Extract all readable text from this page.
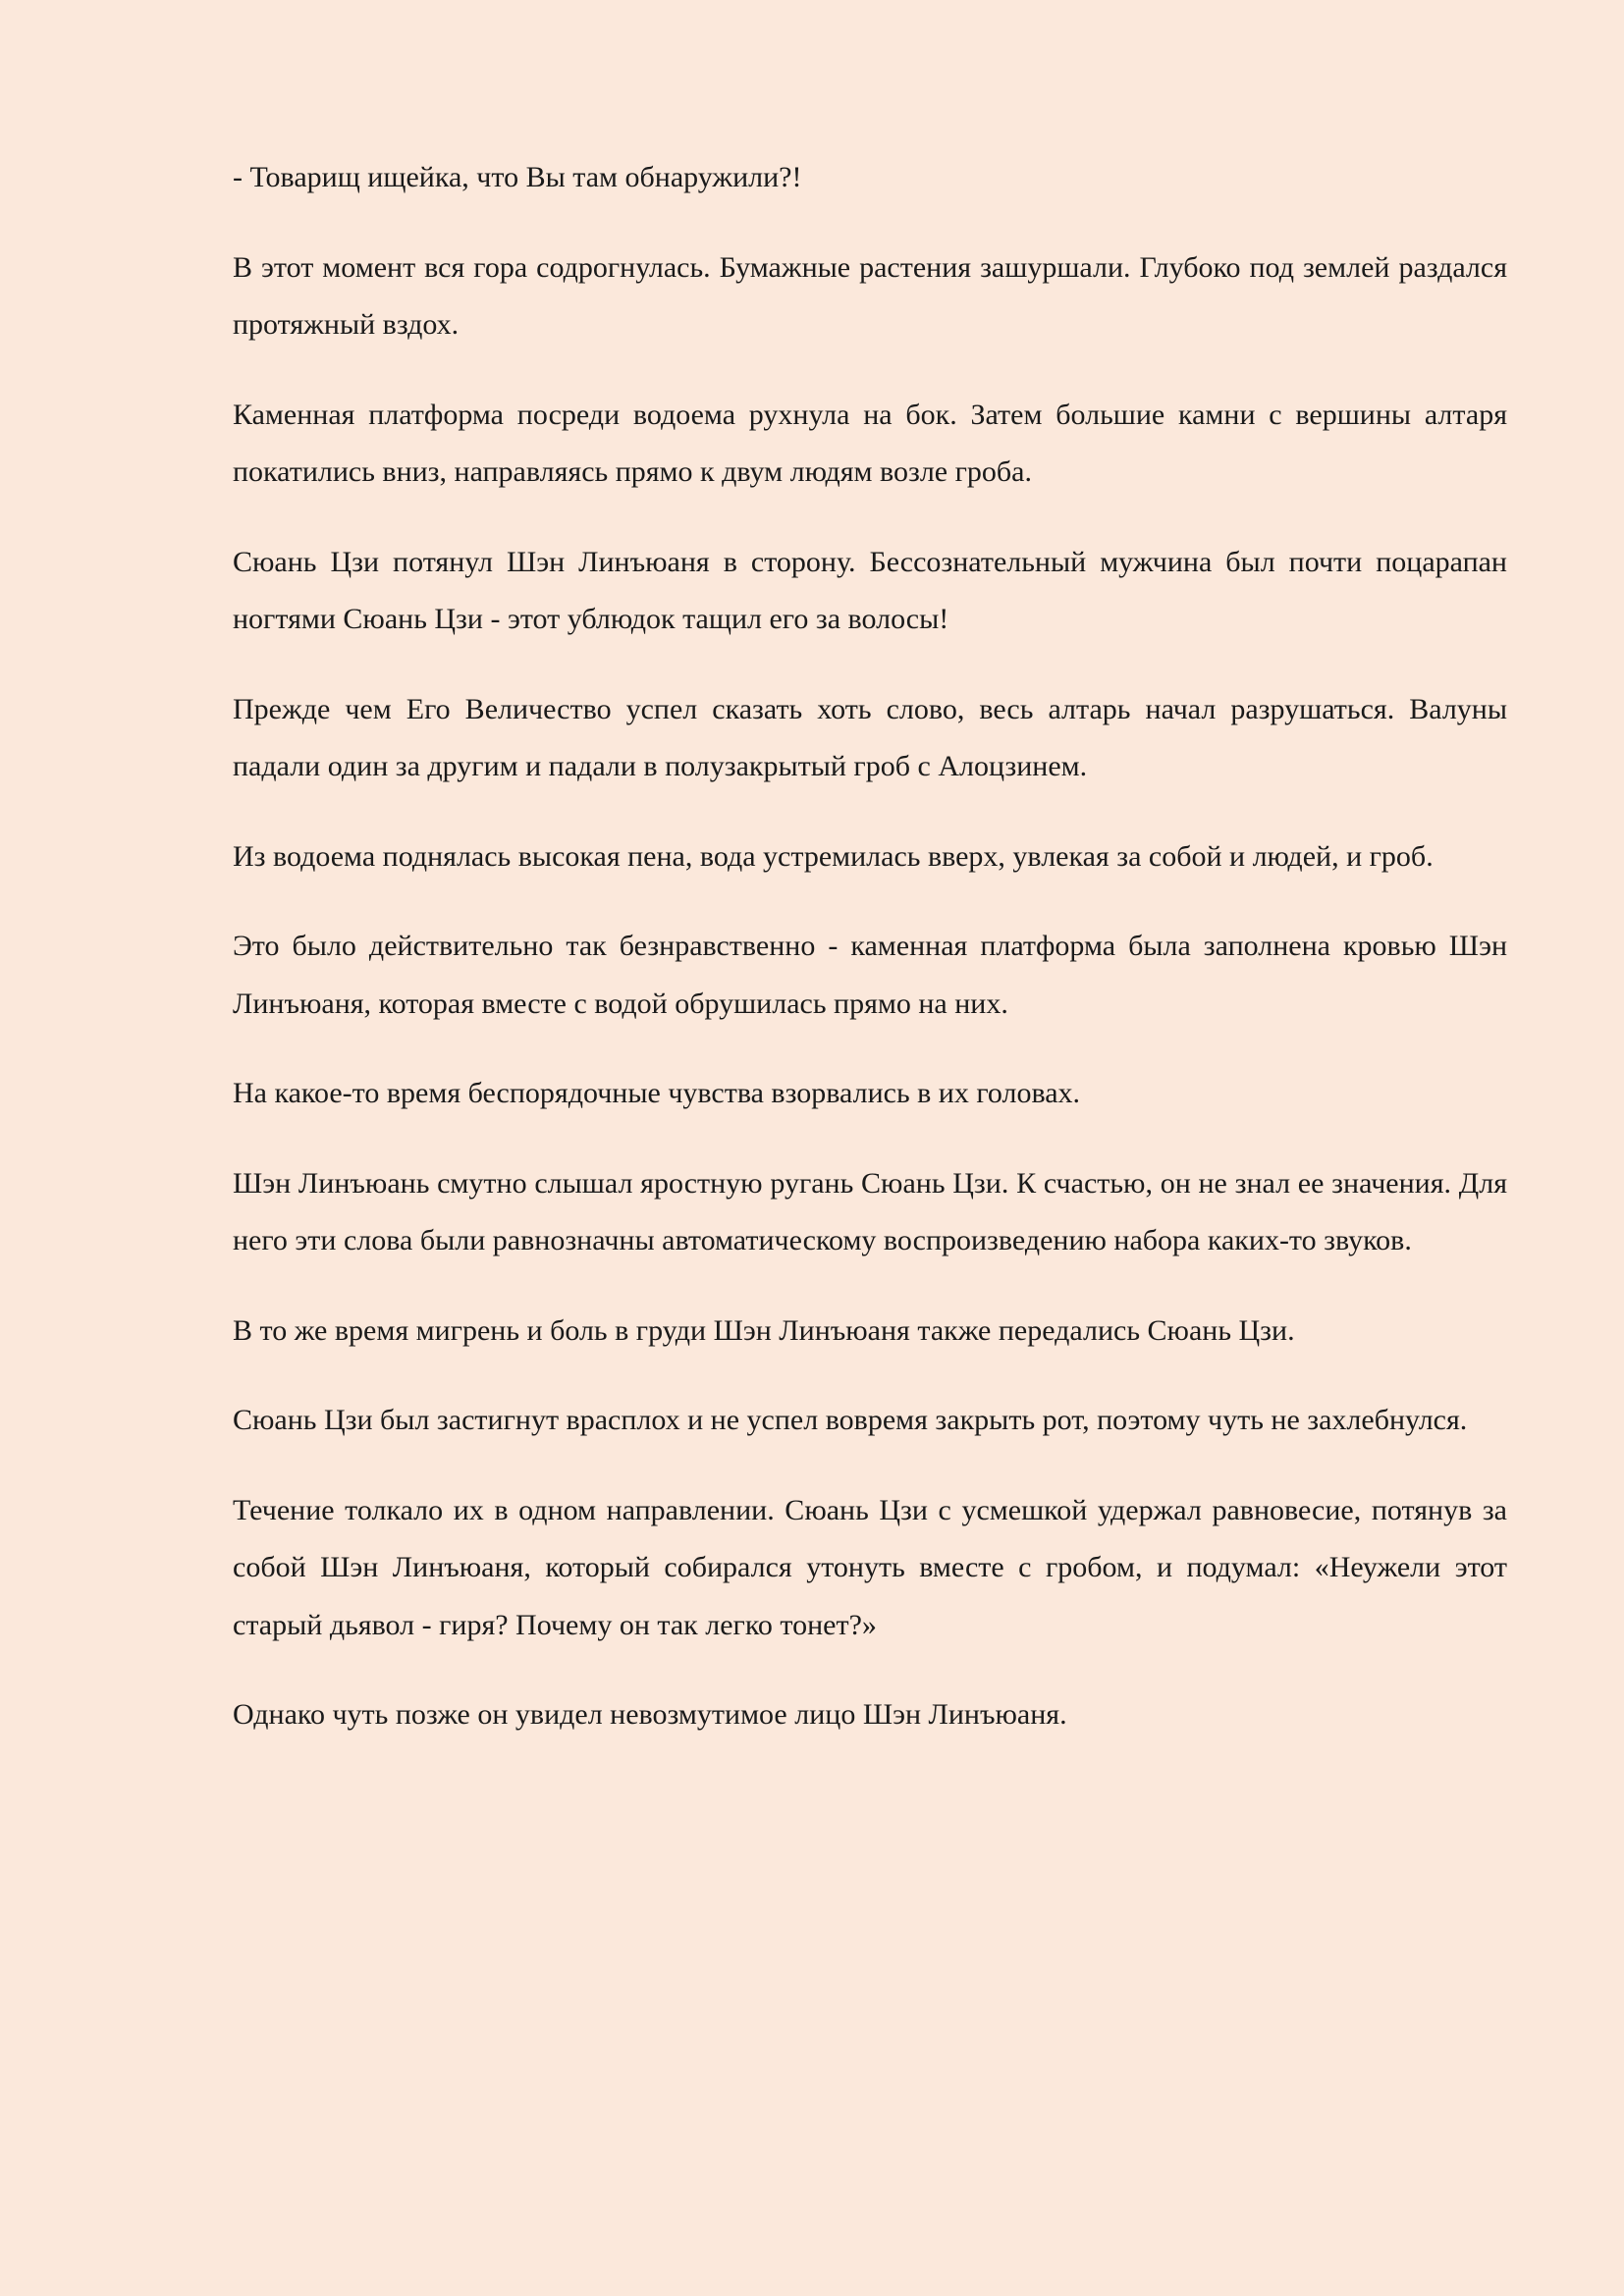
- Товарищ ищейка, что Вы там обнаружили?!

В этот момент вся гора содрогнулась. Бумажные растения зашуршали. Глубоко под землей раздался протяжный вздох.

Каменная платформа посреди водоема рухнула на бок. Затем большие камни с вершины алтаря покатились вниз, направляясь прямо к двум людям возле гроба.

Сюань Цзи потянул Шэн Линъюаня в сторону. Бессознательный мужчина был почти поцарапан ногтями Сюань Цзи - этот ублюдок тащил его за волосы!

Прежде чем Его Величество успел сказать хоть слово, весь алтарь начал разрушаться. Валуны падали один за другим и падали в полузакрытый гроб с Алоцзинем.

Из водоема поднялась высокая пена, вода устремилась вверх, увлекая за собой и людей, и гроб.

Это было действительно так безнравственно - каменная платформа была заполнена кровью Шэн Линъюаня, которая вместе с водой обрушилась прямо на них.

На какое-то время беспорядочные чувства взорвались в их головах.

Шэн Линъюань смутно слышал яростную ругань Сюань Цзи. К счастью, он не знал ее значения. Для него эти слова были равнозначны автоматическому воспроизведению набора каких-то звуков.

В то же время мигрень и боль в груди Шэн Линъюаня также передались Сюань Цзи.

Сюань Цзи был застигнут врасплох и не успел вовремя закрыть рот, поэтому чуть не захлебнулся.

Течение толкало их в одном направлении. Сюань Цзи с усмешкой удержал равновесие, потянув за собой Шэн Линъюаня, который собирался утонуть вместе с гробом, и подумал: «Неужели этот старый дьявол - гиря? Почему он так легко тонет?»

Однако чуть позже он увидел невозмутимое лицо Шэн Линъюаня.
